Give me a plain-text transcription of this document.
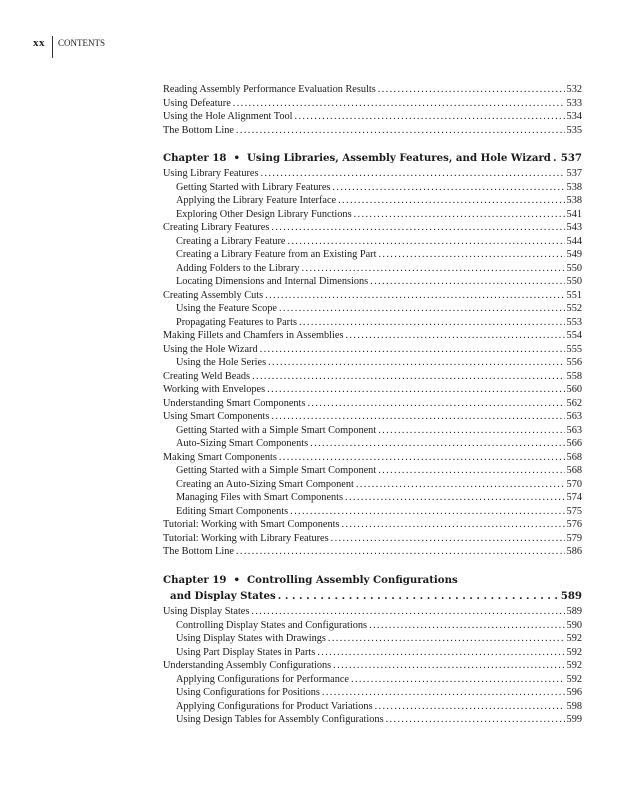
xx	CONTENTS
Reading Assembly Performance Evaluation Results . . .	532
Using Defeature . . .	533
Using the Hole Alignment Tool . . .	534
The Bottom Line . . .	535
Chapter 18 • Using Libraries, Assembly Features, and Hole Wizard . . . 537
Using Library Features . . .	537
Getting Started with Library Features . . .	538
Applying the Library Feature Interface . . .	538
Exploring Other Design Library Functions . . .	541
Creating Library Features . . .	543
Creating a Library Feature . . .	544
Creating a Library Feature from an Existing Part . . .	549
Adding Folders to the Library . . .	550
Locating Dimensions and Internal Dimensions . . .	550
Creating Assembly Cuts . . .	551
Using the Feature Scope . . .	552
Propagating Features to Parts . . .	553
Making Fillets and Chamfers in Assemblies . . .	554
Using the Hole Wizard . . .	555
Using the Hole Series . . .	556
Creating Weld Beads . . .	558
Working with Envelopes . . .	560
Understanding Smart Components . . .	562
Using Smart Components . . .	563
Getting Started with a Simple Smart Component . . .	563
Auto-Sizing Smart Components . . .	566
Making Smart Components . . .	568
Getting Started with a Simple Smart Component . . .	568
Creating an Auto-Sizing Smart Component . . .	570
Managing Files with Smart Components . . .	574
Editing Smart Components . . .	575
Tutorial: Working with Smart Components . . .	576
Tutorial: Working with Library Features . . .	579
The Bottom Line . . .	586
Chapter 19 • Controlling Assembly Configurations
and Display States . . .	589
Using Display States . . .	589
Controlling Display States and Configurations . . .	590
Using Display States with Drawings . . .	592
Using Part Display States in Parts . . .	592
Understanding Assembly Configurations . . .	592
Applying Configurations for Performance . . .	592
Using Configurations for Positions . . .	596
Applying Configurations for Product Variations . . .	598
Using Design Tables for Assembly Configurations . . .	599
